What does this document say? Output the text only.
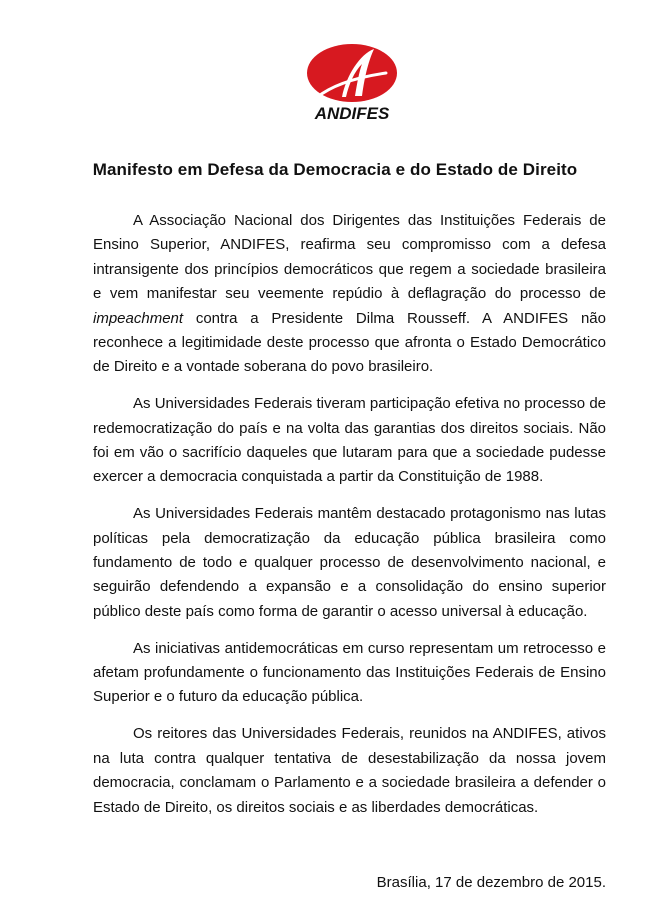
ANDIFES
Manifesto em Defesa da Democracia e do Estado de Direito

A Associação Nacional dos Dirigentes das Instituições Federais de Ensino Superior, ANDIFES, reafirma seu compromisso com a defesa intransigente dos princípios democráticos que regem a sociedade brasileira e vem manifestar seu veemente repúdio à deflagração do processo de impeachment contra a Presidente Dilma Rousseff. A ANDIFES não reconhece a legitimidade deste processo que afronta o Estado Democrático de Direito e a vontade soberana do povo brasileiro.

As Universidades Federais tiveram participação efetiva no processo de redemocratização do país e na volta das garantias dos direitos sociais. Não foi em vão o sacrifício daqueles que lutaram para que a sociedade pudesse exercer a democracia conquistada a partir da Constituição de 1988.

As Universidades Federais mantêm destacado protagonismo nas lutas políticas pela democratização da educação pública brasileira como fundamento de todo e qualquer processo de desenvolvimento nacional, e seguirão defendendo a expansão e a consolidação do ensino superior público deste país como forma de garantir o acesso universal à educação.

As iniciativas antidemocráticas em curso representam um retrocesso e afetam profundamente o funcionamento das Instituições Federais de Ensino Superior e o futuro da educação pública.

Os reitores das Universidades Federais, reunidos na ANDIFES, ativos na luta contra qualquer tentativa de desestabilização da nossa jovem democracia, conclamam o Parlamento e a sociedade brasileira a defender o Estado de Direito, os direitos sociais e as liberdades democráticas.

Brasília, 17 de dezembro de 2015.
